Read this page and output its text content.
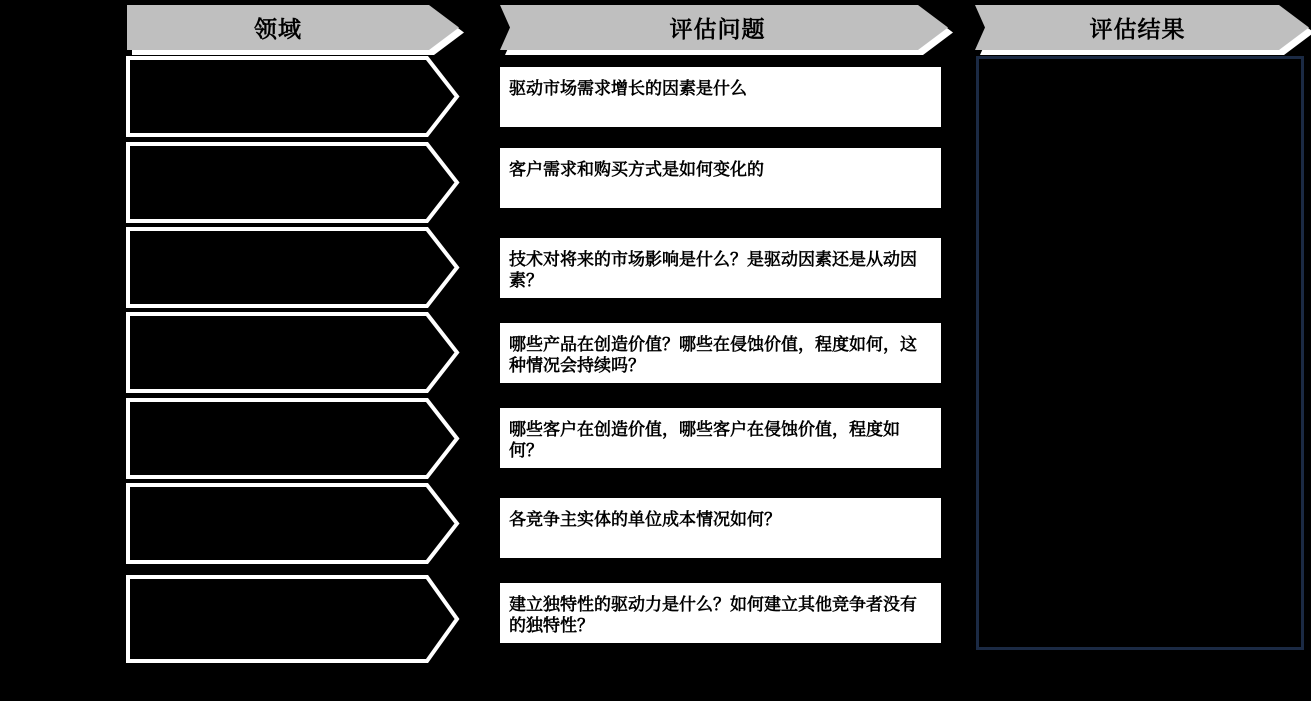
领域	评估问题	评估结果
驱动市场需求增长的因素是什么
客户需求和购买方式是如何变化的
技术对将来的市场影响是什么？是驱动因素还是从动因素？
哪些产品在创造价值？哪些在侵蚀价值，程度如何，这种情况会持续吗？
哪些客户在创造价值，哪些客户在侵蚀价值，程度如何？
各竞争主实体的单位成本情况如何？
建立独特性的驱动力是什么？如何建立其他竞争者没有的独特性？
